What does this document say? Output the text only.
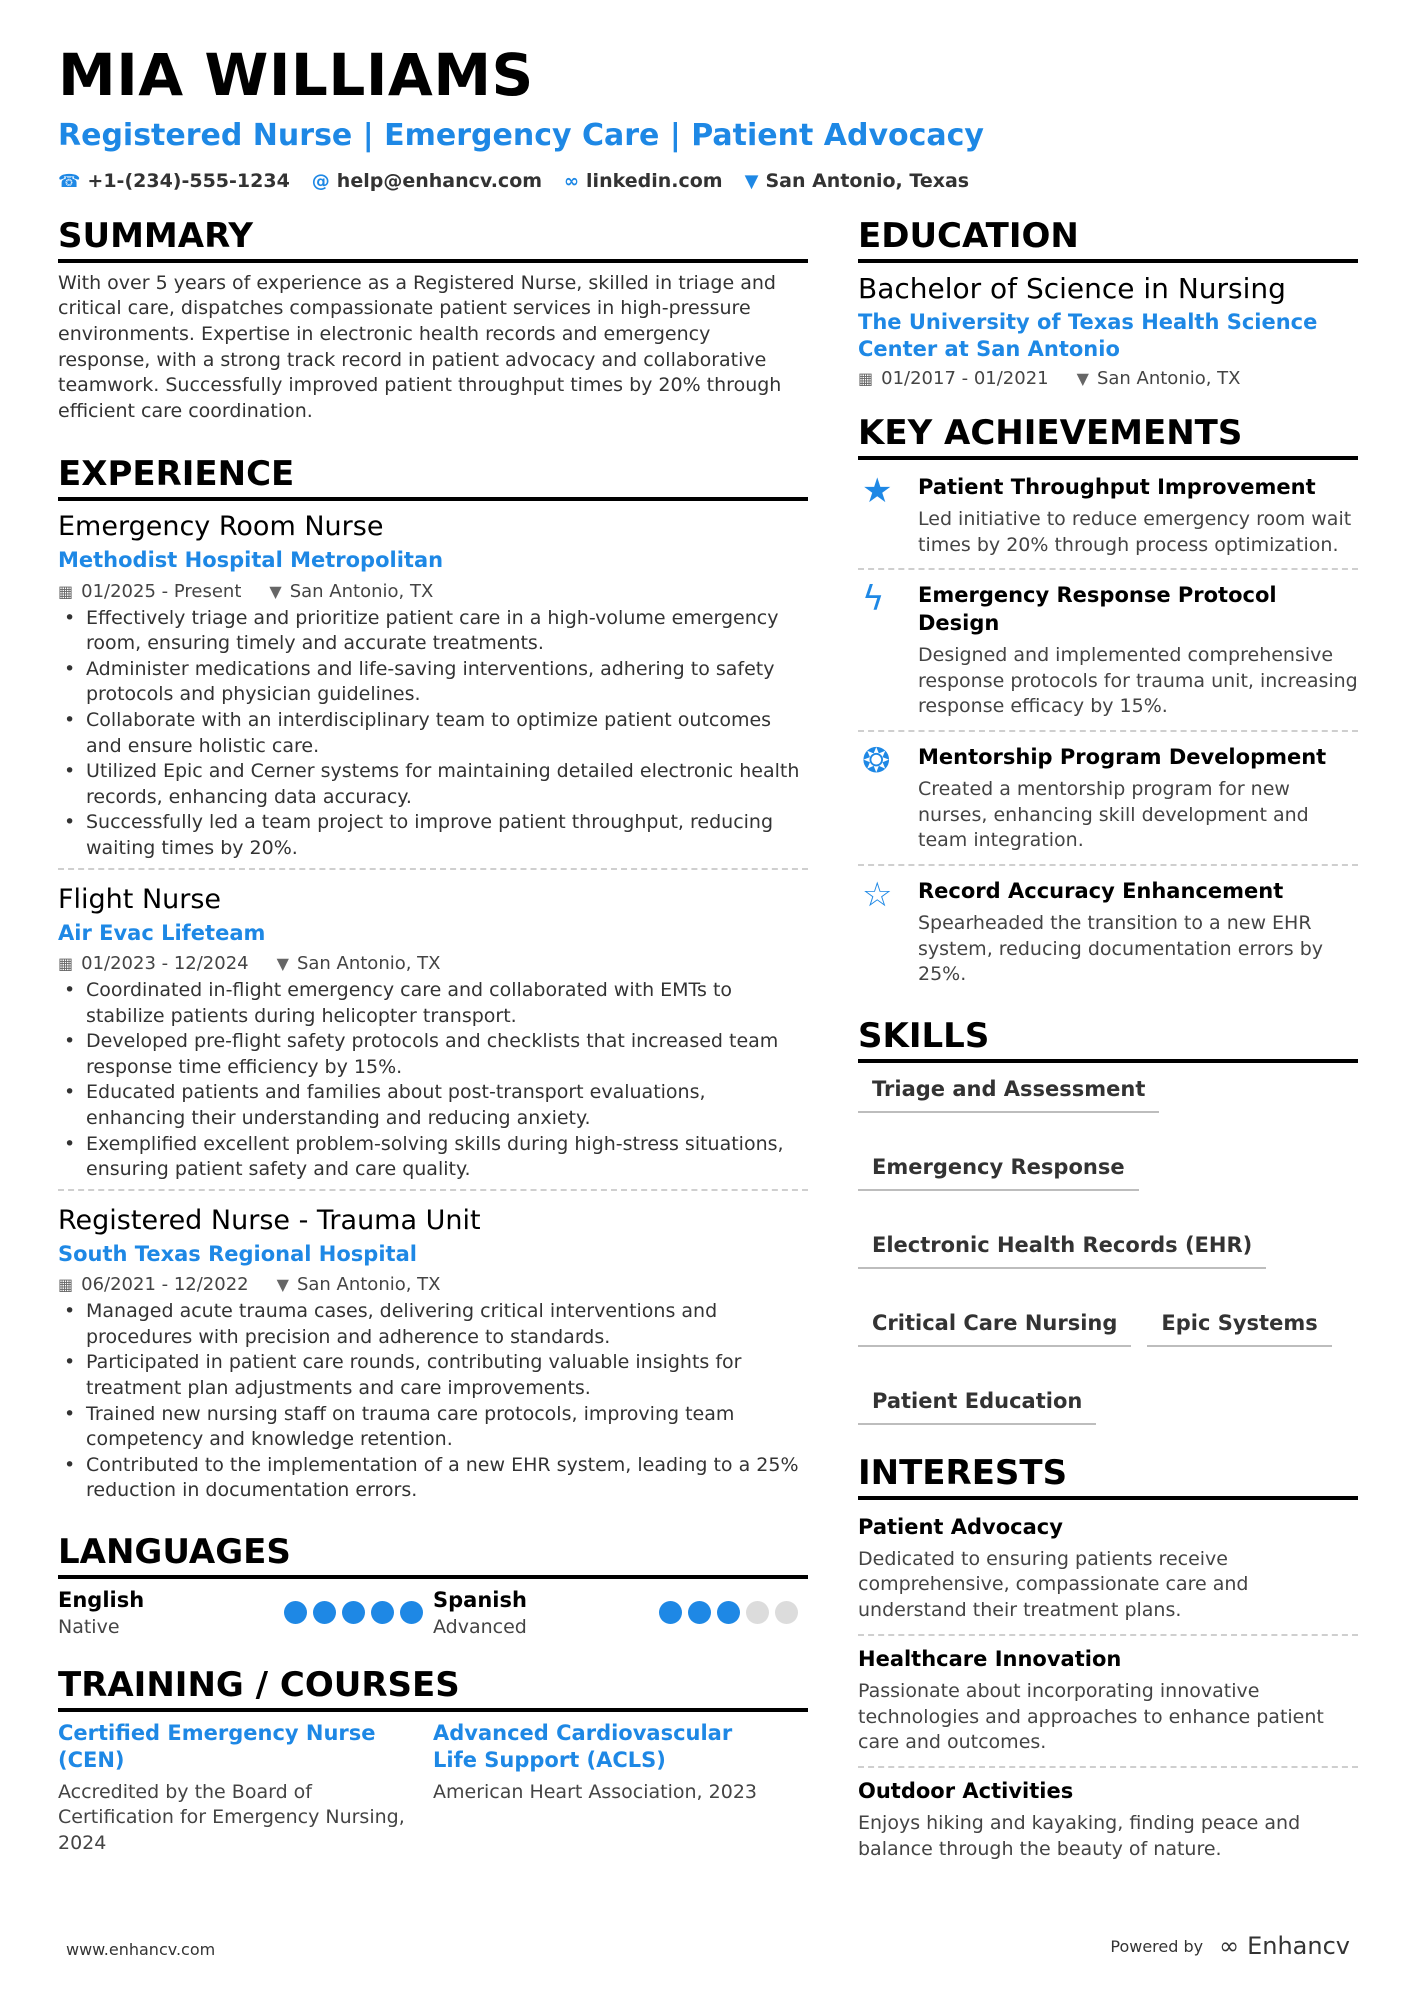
MIA WILLIAMS
Registered Nurse | Emergency Care | Patient Advocacy
☎ +1-(234)-555-1234 @ help@enhancv.com ∞ linkedin.com ▼ San Antonio, Texas
SUMMARY

With over 5 years of experience as a Registered Nurse, skilled in triage and critical care, dispatches compassionate patient services in high-pressure environments. Expertise in electronic health records and emergency response, with a strong track record in patient advocacy and collaborative teamwork. Successfully improved patient throughput times by 20% through efficient care coordination.

EXPERIENCE
Emergency Room Nurse
Methodist Hospital Metropolitan
▦ 01/2025 - Present ▼ San Antonio, TX
• Effectively triage and prioritize patient care in a high-volume emergency room, ensuring timely and accurate treatments.
• Administer medications and life-saving interventions, adhering to safety protocols and physician guidelines.
• Collaborate with an interdisciplinary team to optimize patient outcomes and ensure holistic care.
• Utilized Epic and Cerner systems for maintaining detailed electronic health records, enhancing data accuracy.
• Successfully led a team project to improve patient throughput, reducing waiting times by 20%.
Flight Nurse
Air Evac Lifeteam
▦ 01/2023 - 12/2024 ▼ San Antonio, TX
• Coordinated in-flight emergency care and collaborated with EMTs to stabilize patients during helicopter transport.
• Developed pre-flight safety protocols and checklists that increased team response time efficiency by 15%.
• Educated patients and families about post-transport evaluations, enhancing their understanding and reducing anxiety.
• Exemplified excellent problem-solving skills during high-stress situations, ensuring patient safety and care quality.
Registered Nurse - Trauma Unit
South Texas Regional Hospital
▦ 06/2021 - 12/2022 ▼ San Antonio, TX
• Managed acute trauma cases, delivering critical interventions and procedures with precision and adherence to standards.
• Participated in patient care rounds, contributing valuable insights for treatment plan adjustments and care improvements.
• Trained new nursing staff on trauma care protocols, improving team competency and knowledge retention.
• Contributed to the implementation of a new EHR system, leading to a 25% reduction in documentation errors.
LANGUAGES
English
Native
Spanish
Advanced
TRAINING / COURSES
Certified Emergency Nurse (CEN)
Accredited by the Board of Certification for Emergency Nursing, 2024
Advanced Cardiovascular Life Support (ACLS)
American Heart Association, 2023
EDUCATION
Bachelor of Science in Nursing
The University of Texas Health Science Center at San Antonio
▦ 01/2017 - 01/2021 ▼ San Antonio, TX
KEY ACHIEVEMENTS
★	Patient Throughput Improvement
Led initiative to reduce emergency room wait times by 20% through process optimization.
ϟ	Emergency Response Protocol Design
Designed and implemented comprehensive response protocols for trauma unit, increasing response efficacy by 15%.
❂	Mentorship Program Development
Created a mentorship program for new nurses, enhancing skill development and team integration.
☆	Record Accuracy Enhancement
Spearheaded the transition to a new EHR system, reducing documentation errors by 25%.
SKILLS
Triage and Assessment
Emergency Response
Electronic Health Records (EHR)
Critical Care Nursing	Epic Systems
Patient Education
INTERESTS
Patient Advocacy
Dedicated to ensuring patients receive comprehensive, compassionate care and understand their treatment plans.
Healthcare Innovation
Passionate about incorporating innovative technologies and approaches to enhance patient care and outcomes.
Outdoor Activities
Enjoys hiking and kayaking, finding peace and balance through the beauty of nature.
www.enhancv.com	Powered by ∞ Enhancv
